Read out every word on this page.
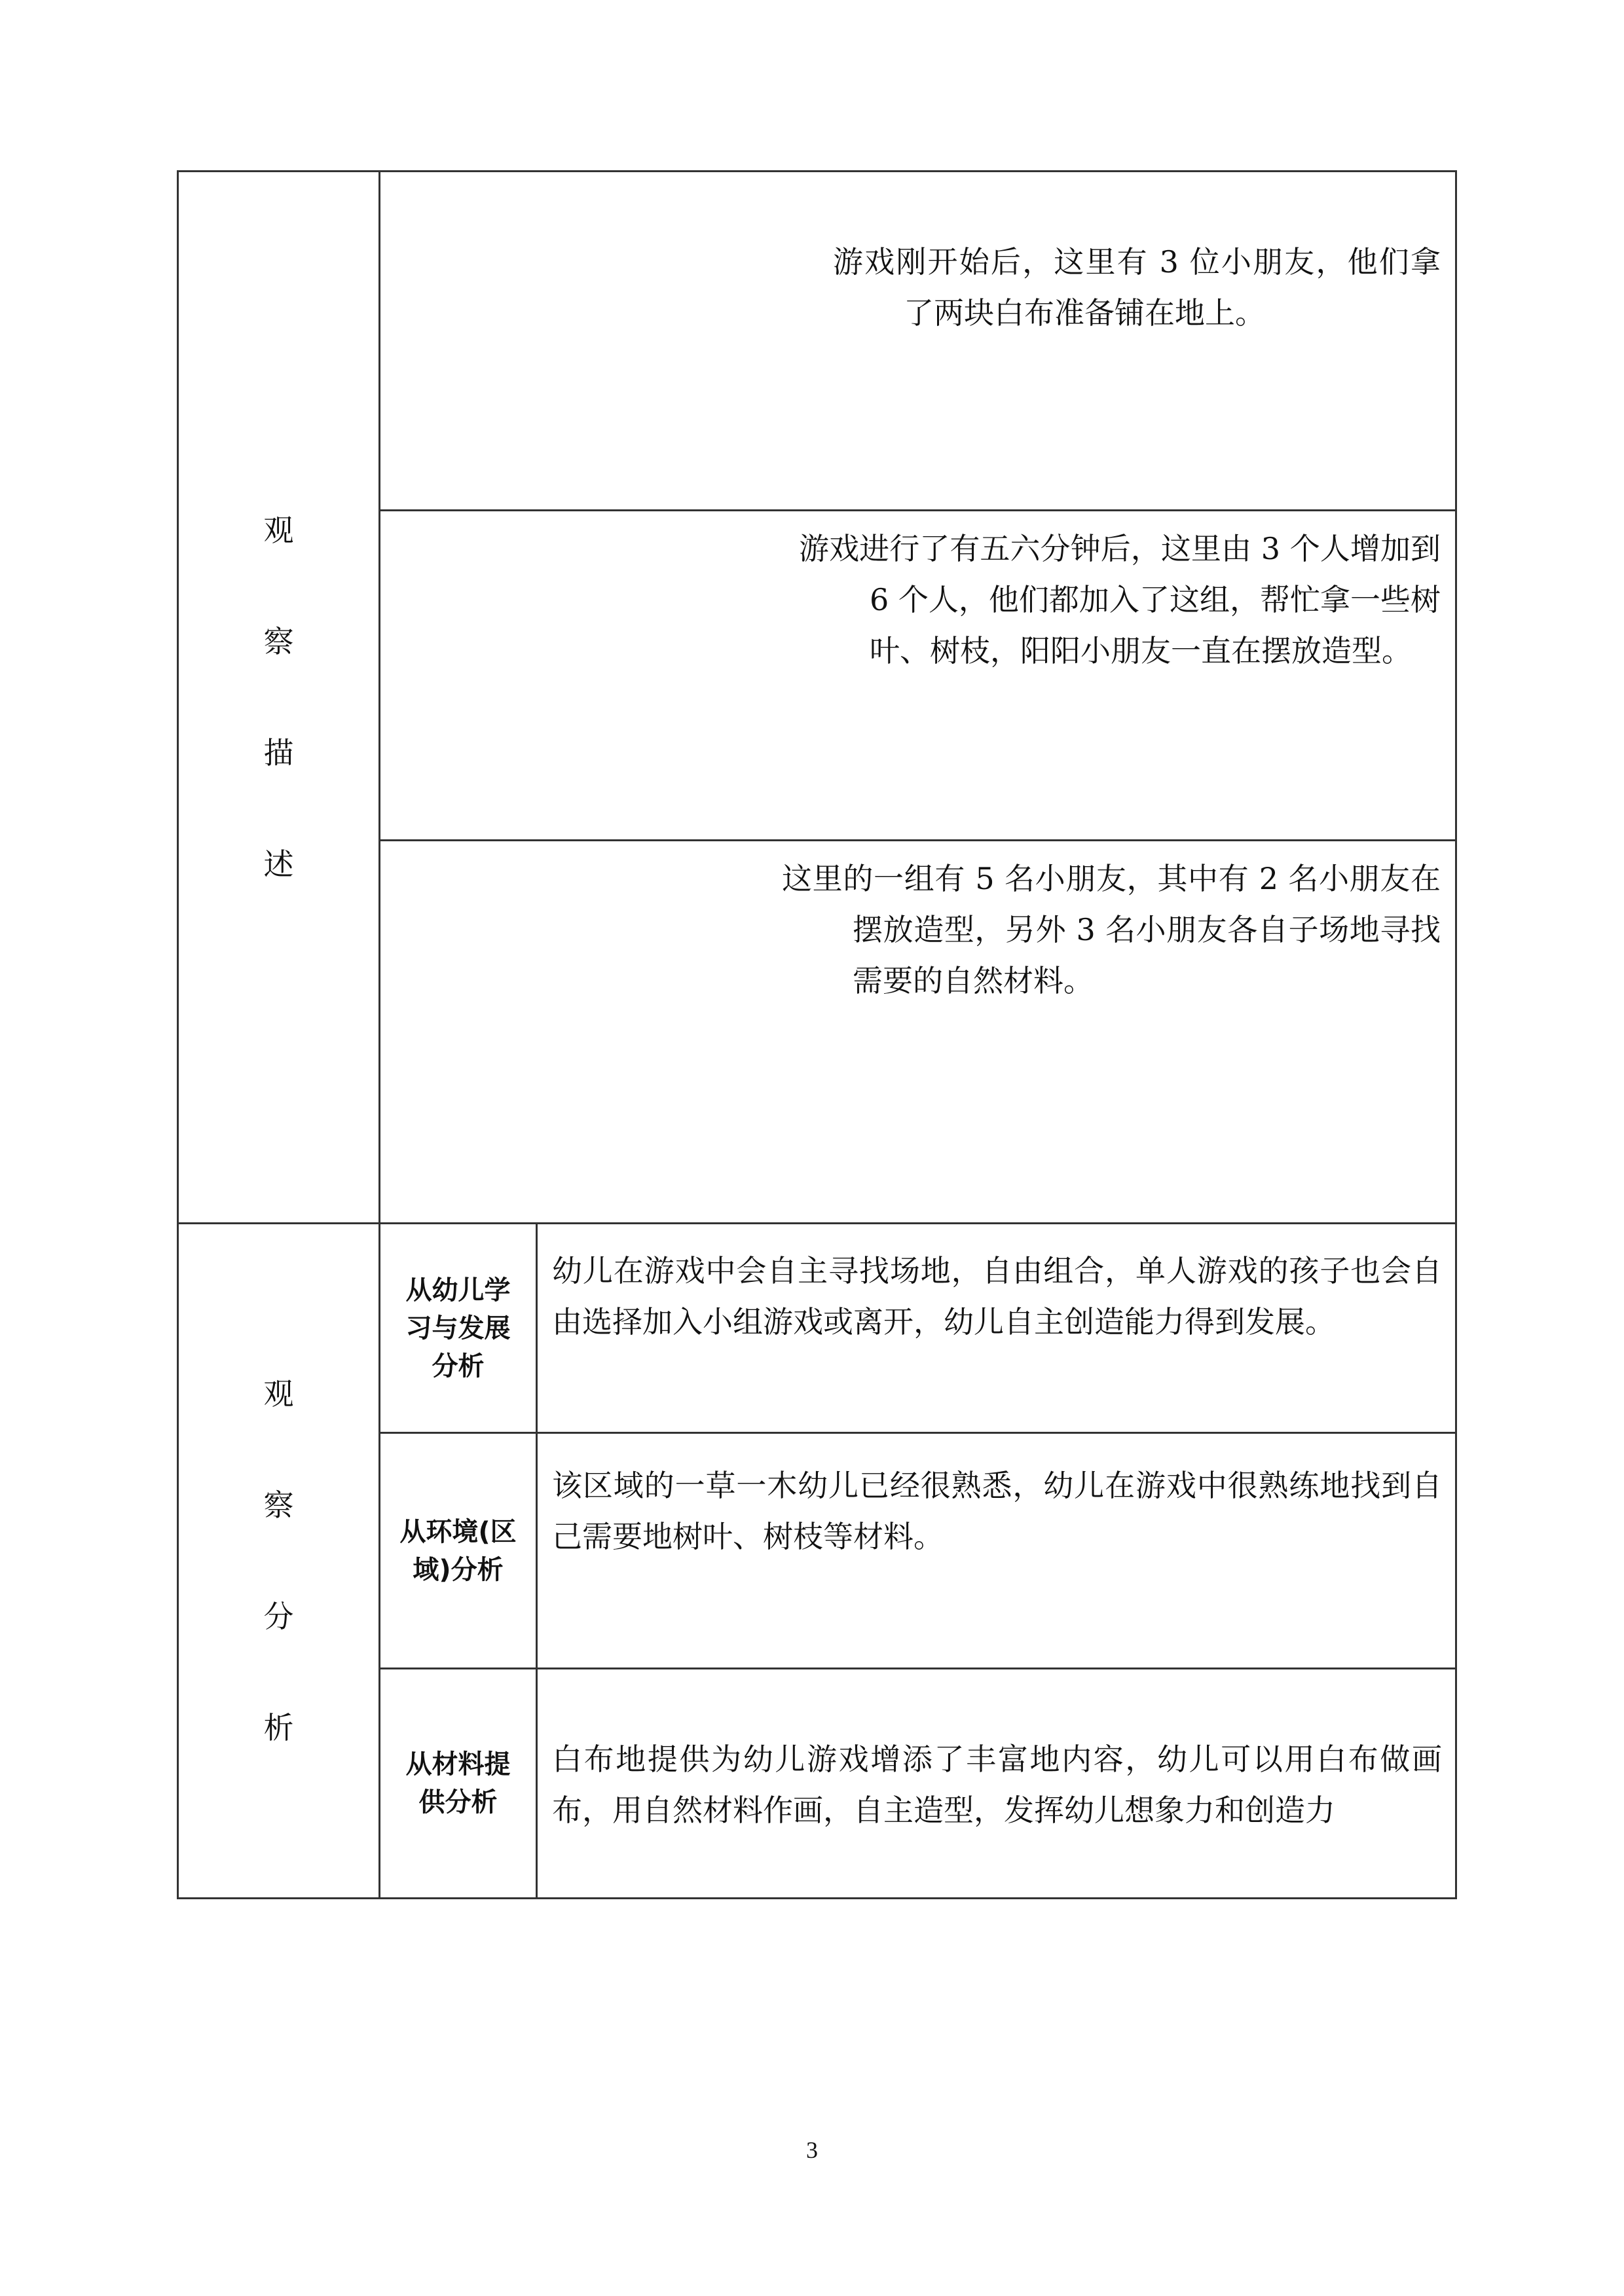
观
察
描
述	游戏刚开始后，这里有 3 位小朋友，他们拿了两块白布准备铺在地上。	

	游戏进行了有五六分钟后，这里由 3 个人增加到 6 个人，他们都加入了这组，帮忙拿一些树叶、树枝，阳阳小朋友一直在摆放造型。	

	这里的一组有 5 名小朋友，其中有 2 名小朋友在摆放造型，另外 3 名小朋友各自子场地寻找需要的自然材料。	

观
察
分
析	从幼儿学习与发展分析	幼儿在游戏中会自主寻找场地，自由组合，单人游戏的孩子也会自由选择加入小组游戏或离开，幼儿自主创造能力得到发展。
	从环境(区域)分析	该区域的一草一木幼儿已经很熟悉，幼儿在游戏中很熟练地找到自己需要地树叶、树枝等材料。
	从材料提供分析	白布地提供为幼儿游戏增添了丰富地内容，幼儿可以用白布做画布，用自然材料作画，自主造型，发挥幼儿想象力和创造力
3
